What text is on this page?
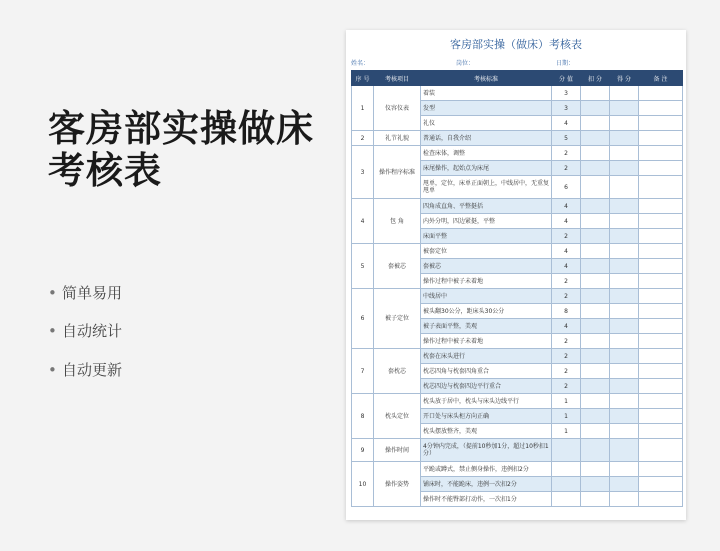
客房部实操做床
考核表
• 简单易用
• 自动统计
• 自动更新
客房部实操（做床）考核表
姓名：	岗位：	日期：
序 号	考核项目	考核标准	分 值	扣 分	得 分	备 注
1	仪容仪表	着装	3			
		发型	3			
		礼仪	4			
2	礼节礼貌	普通话，自我介绍	5			
3	操作程序标准	检查床体，调整	2			
		床尾操作，起始点为床尾	2			
		甩单，定位，床单正面朝上，中线居中，无重复甩单	6			
4	包 角	四角成直角、平整挺括	4			
		内外分明，四边紧挺，平整	4			
		床面平整	2			
5	套被芯	被套定位	4			
		套被芯	4			
		操作过程中被子未着地	2			
6	被子定位	中线居中	2			
		被头翻30公分，距床头30公分	8			
		被子表面平整，美观	4			
		操作过程中被子未着地	2			
7	套枕芯	枕套在床头进行	2			
		枕芯四角与枕套四角重合	2			
		枕芯四边与枕套四边平行重合	2			
8	枕头定位	枕头放于居中，枕头与床头边线平行	1			
		开口处与床头柜方向正确	1			
		枕头摆放整齐，美观	1			
9	操作时间	4分钟内完成，（提前10秒加1分，超过10秒扣1分）				
10	操作姿势	平跪或蹲式，禁止侧身操作，违例扣2分				
		铺床时，不能跪床，违例一次扣2分				
		操作时不能臀部打动作，一次扣1分				
